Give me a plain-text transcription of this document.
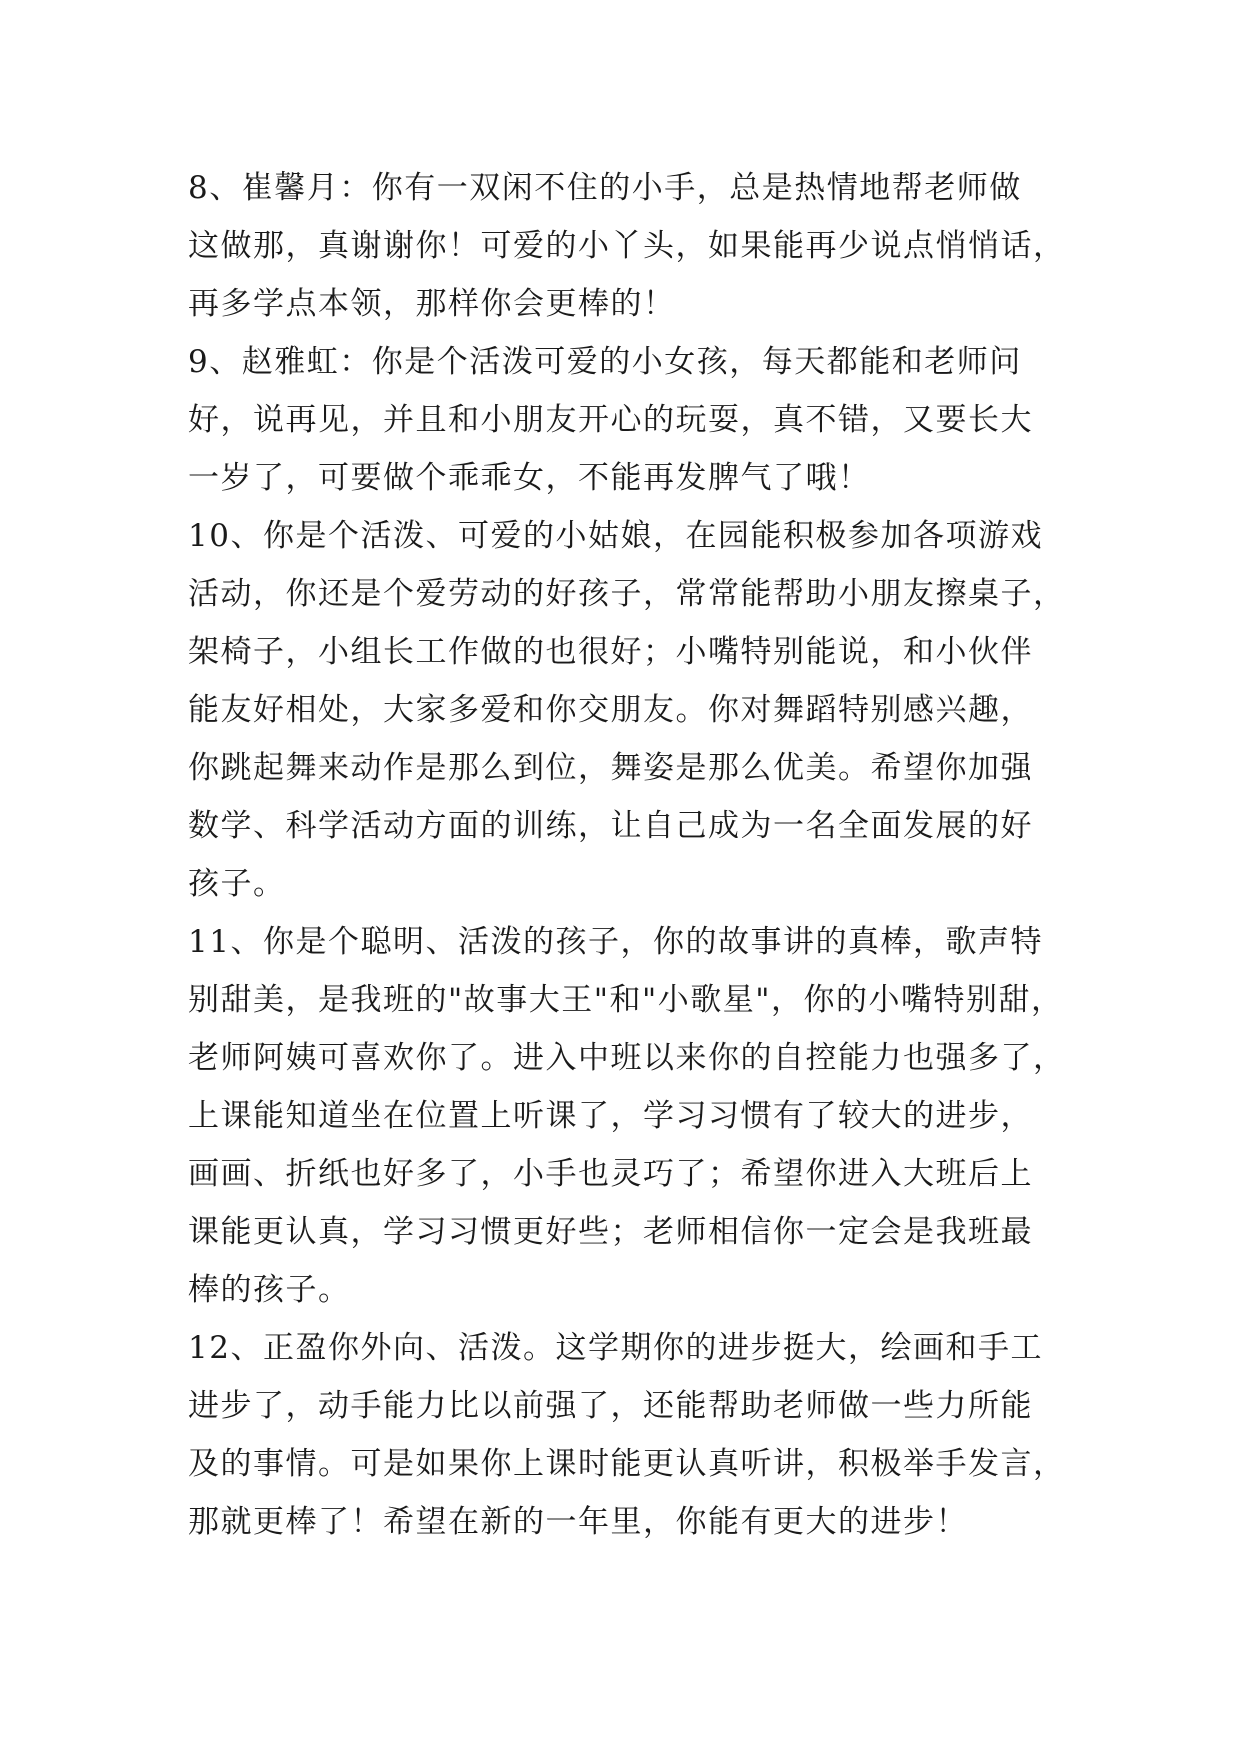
8、崔馨月：你有一双闲不住的小手，总是热情地帮老师做
这做那，真谢谢你！可爱的小丫头，如果能再少说点悄悄话，
再多学点本领，那样你会更棒的！
9、赵雅虹：你是个活泼可爱的小女孩，每天都能和老师问
好，说再见，并且和小朋友开心的玩耍，真不错，又要长大
一岁了，可要做个乖乖女，不能再发脾气了哦！
10、你是个活泼、可爱的小姑娘，在园能积极参加各项游戏
活动，你还是个爱劳动的好孩子，常常能帮助小朋友擦桌子，
架椅子，小组长工作做的也很好；小嘴特别能说，和小伙伴
能友好相处，大家多爱和你交朋友。你对舞蹈特别感兴趣，
你跳起舞来动作是那么到位，舞姿是那么优美。希望你加强
数学、科学活动方面的训练，让自己成为一名全面发展的好
孩子。
11、你是个聪明、活泼的孩子，你的故事讲的真棒，歌声特
别甜美，是我班的"故事大王"和"小歌星"，你的小嘴特别甜，
老师阿姨可喜欢你了。进入中班以来你的自控能力也强多了，
上课能知道坐在位置上听课了，学习习惯有了较大的进步，
画画、折纸也好多了，小手也灵巧了；希望你进入大班后上
课能更认真，学习习惯更好些；老师相信你一定会是我班最
棒的孩子。
12、正盈你外向、活泼。这学期你的进步挺大，绘画和手工
进步了，动手能力比以前强了，还能帮助老师做一些力所能
及的事情。可是如果你上课时能更认真听讲，积极举手发言，
那就更棒了！希望在新的一年里，你能有更大的进步！
